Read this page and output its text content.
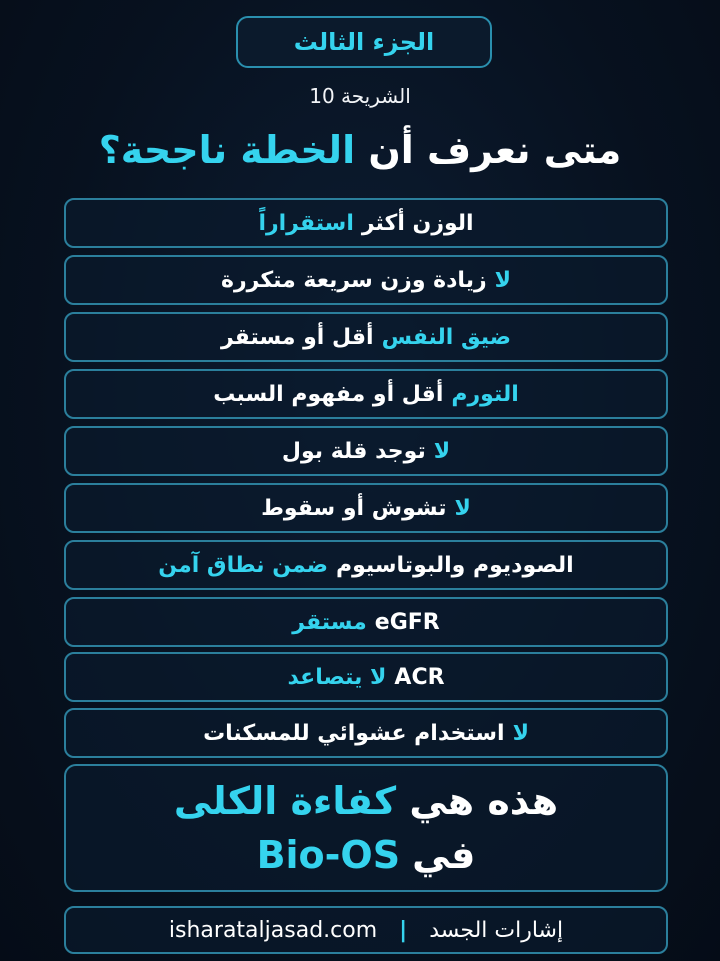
الجزء الثالث
الشريحة 10
متى نعرف أن الخطة ناجحة؟
الوزن أكثر
استقراراً
لا
زيادة وزن سريعة متكررة
ضيق النفس
أقل أو مستقر
التورم
أقل أو مفهوم السبب
لا
توجد قلة بول
لا
تشوش أو سقوط
الصوديوم والبوتاسيوم
ضمن نطاق آمن
eGFR
مستقر
ACR
لا يتصاعد
لا
استخدام عشوائي للمسكنات
هذه هي كفاءة الكلى
في
Bio-OS
isharataljasad.com | إشارات الجسد
